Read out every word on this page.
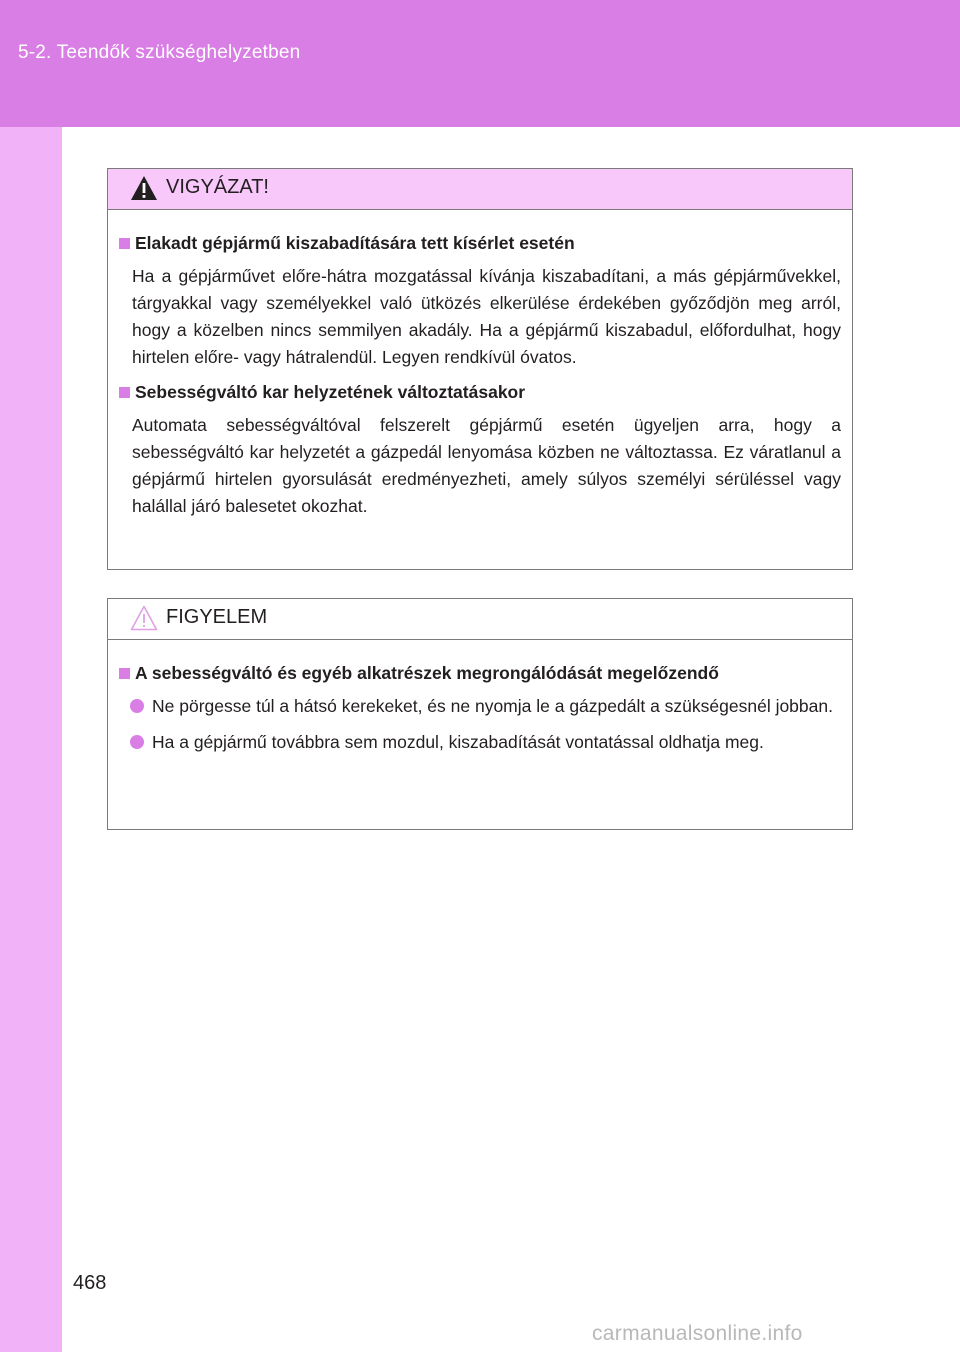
5-2. Teendők szükséghelyzetben
VIGYÁZAT!
Elakadt gépjármű kiszabadítására tett kísérlet esetén

Ha a gépjárművet előre-hátra mozgatással kívánja kiszabadítani, a más gépjárművekkel, tárgyakkal vagy személyekkel való ütközés elkerülése érdekében győződjön meg arról, hogy a közelben nincs semmilyen akadály. Ha a gépjármű kiszabadul, előfordulhat, hogy hirtelen előre- vagy hátralendül. Legyen rendkívül óvatos.

Sebességváltó kar helyzetének változtatásakor

Automata sebességváltóval felszerelt gépjármű esetén ügyeljen arra, hogy a sebességváltó kar helyzetét a gázpedál lenyomása közben ne változtassa. Ez váratlanul a gépjármű hirtelen gyorsulását eredményezheti, amely súlyos személyi sérüléssel vagy halállal járó balesetet okozhat.

FIGYELEM
A sebességváltó és egyéb alkatrészek megrongálódását megelőzendő
Ne pörgesse túl a hátsó kerekeket, és ne nyomja le a gázpedált a szükségesnél jobban.
Ha a gépjármű továbbra sem mozdul, kiszabadítását vontatással oldhatja meg.
468
carmanualsonline.info
